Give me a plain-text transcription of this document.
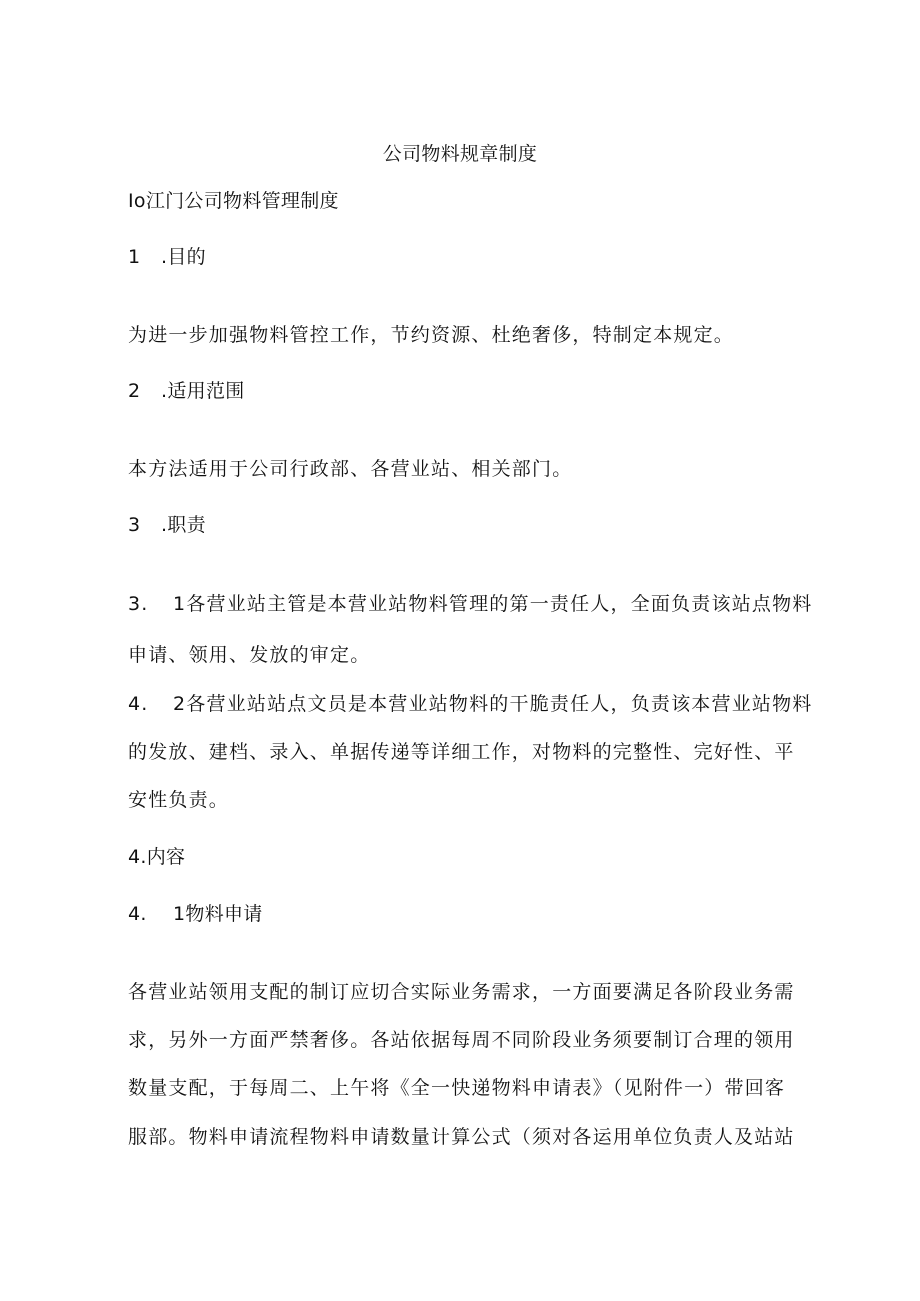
公司物料规章制度
Io江门公司物料管理制度
1 .目的
为进一步加强物料管控工作，节约资源、杜绝奢侈，特制定本规定。
2 .适用范围
本方法适用于公司行政部、各营业站、相关部门。
3 .职责
3. 1各营业站主管是本营业站物料管理的第一责任人，全面负责该站点物料
申请、领用、发放的审定。
4. 2各营业站站点文员是本营业站物料的干脆责任人，负责该本营业站物料
的发放、建档、录入、单据传递等详细工作，对物料的完整性、完好性、平
安性负责。
4.内容
4. 1物料申请
各营业站领用支配的制订应切合实际业务需求，一方面要满足各阶段业务需
求，另外一方面严禁奢侈。各站依据每周不同阶段业务须要制订合理的领用
数量支配，于每周二、上午将《全一快递物料申请表》（见附件一）带回客
服部。物料申请流程物料申请数量计算公式（须对各运用单位负责人及站站
